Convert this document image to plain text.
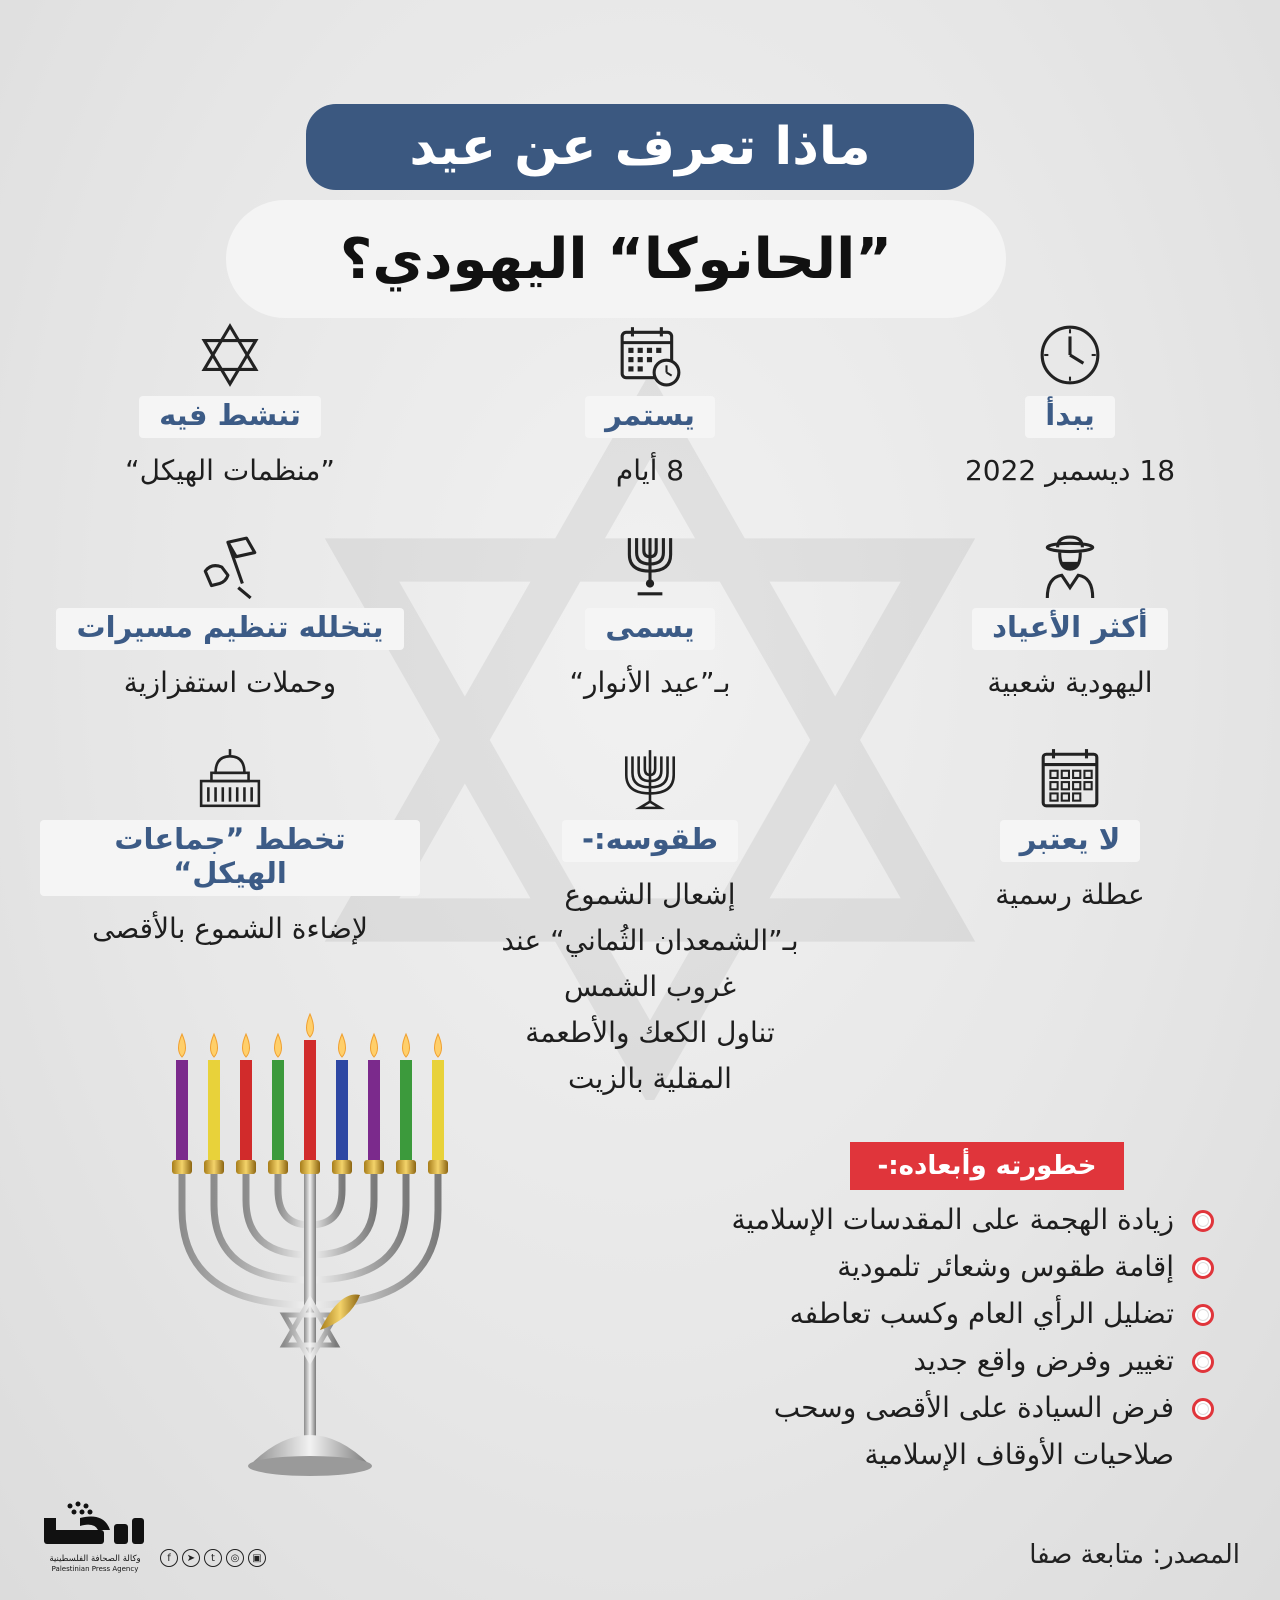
ماذا تعرف عن عيد
”الحانوكا“ اليهودي؟
يبدأ
18 ديسمبر 2022
يستمر
8 أيام
تنشط فيه
”منظمات الهيكل“
أكثر الأعياد
اليهودية شعبية
يسمى
بـ”عيد الأنوار“
يتخلله تنظيم مسيرات
وحملات استفزازية
لا يعتبر
عطلة رسمية
طقوسه:-
إشعال الشموع
بـ”الشمعدان الثُماني“ عند
غروب الشمس
تناول الكعك والأطعمة
المقلية بالزيت
تخطط ”جماعات الهيكل“
لإضاءة الشموع بالأقصى
خطورته وأبعاده:-
زيادة الهجمة على المقدسات الإسلامية
إقامة طقوس وشعائر تلمودية
تضليل الرأي العام وكسب تعاطفه
تغيير وفرض واقع جديد
فرض السيادة على الأقصى وسحب صلاحيات الأوقاف الإسلامية
وكالة الصحافة الفلسطينية
Palestinian Press Agency
f	➤	t	◎	▣	المصدر: متابعة صفا
